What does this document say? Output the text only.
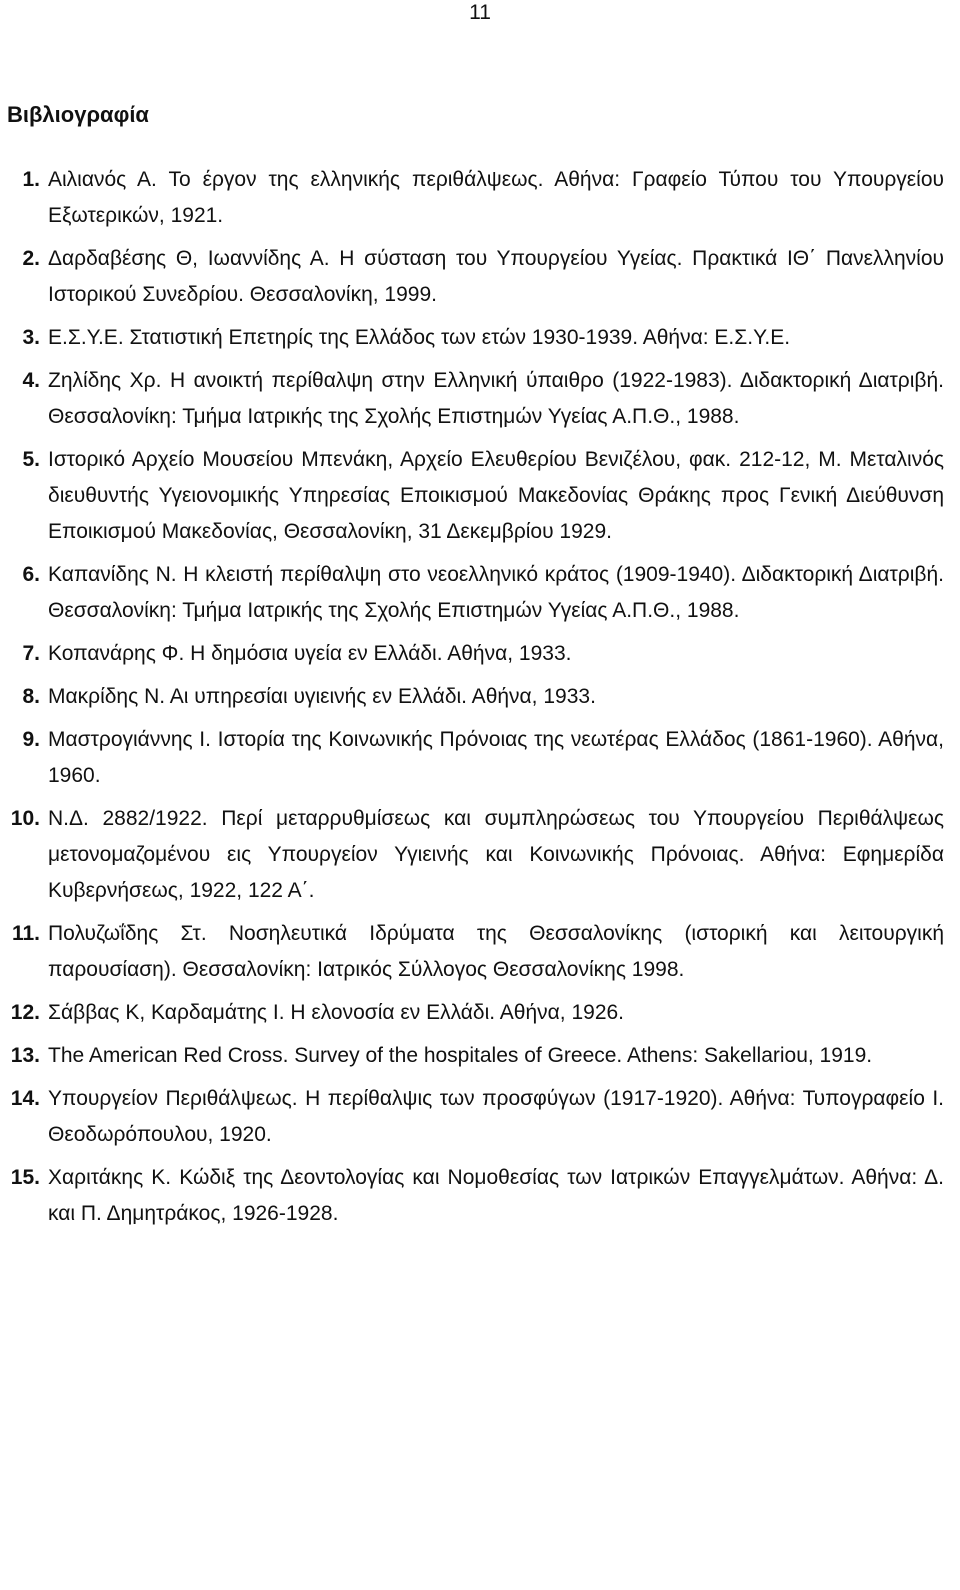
11
Βιβλιογραφία
1. Αιλιανός Α. Το έργον της ελληνικής περιθάλψεως. Αθήνα: Γραφείο Τύπου του Υπουργείου Εξωτερικών, 1921.
2. Δαρδαβέσης Θ, Ιωαννίδης Α. Η σύσταση του Υπουργείου Υγείας. Πρακτικά ΙΘ΄ Πανελληνίου Ιστορικού Συνεδρίου. Θεσσαλονίκη, 1999.
3. Ε.Σ.Υ.Ε. Στατιστική Επετηρίς της Ελλάδος των ετών 1930-1939. Αθήνα: Ε.Σ.Υ.Ε.
4. Ζηλίδης Χρ. Η ανοικτή περίθαλψη στην Ελληνική ύπαιθρο (1922-1983). Διδακτορική Διατριβή. Θεσσαλονίκη: Τμήμα Ιατρικής της Σχολής Επιστημών Υγείας Α.Π.Θ., 1988.
5. Ιστορικό Αρχείο Μουσείου Μπενάκη, Αρχείο Ελευθερίου Βενιζέλου, φακ. 212-12, Μ. Μεταλινός διευθυντής Υγειονομικής Υπηρεσίας Εποικισμού Μακεδονίας Θράκης προς Γενική Διεύθυνση Εποικισμού Μακεδονίας, Θεσσαλονίκη, 31 Δεκεμβρίου 1929.
6. Καπανίδης Ν. Η κλειστή περίθαλψη στο νεοελληνικό κράτος (1909-1940). Διδακτορική Διατριβή. Θεσσαλονίκη: Τμήμα Ιατρικής της Σχολής Επιστημών Υγείας Α.Π.Θ., 1988.
7. Κοπανάρης Φ. Η δημόσια υγεία εν Ελλάδι. Αθήνα, 1933.
8. Μακρίδης Ν. Αι υπηρεσίαι υγιεινής εν Ελλάδι. Αθήνα, 1933.
9. Μαστρογιάννης Ι. Ιστορία της Κοινωνικής Πρόνοιας της νεωτέρας Ελλάδος (1861-1960). Αθήνα, 1960.
10. Ν.Δ. 2882/1922. Περί μεταρρυθμίσεως και συμπληρώσεως του Υπουργείου Περιθάλψεως μετονομαζομένου εις Υπουργείον Υγιεινής και Κοινωνικής Πρόνοιας. Αθήνα: Εφημερίδα Κυβερνήσεως, 1922, 122 Α΄.
11. Πολυζωΐδης Στ. Νοσηλευτικά Ιδρύματα της Θεσσαλονίκης (ιστορική και λειτουργική παρουσίαση). Θεσσαλονίκη: Ιατρικός Σύλλογος Θεσσαλονίκης 1998.
12. Σάββας Κ, Καρδαμάτης Ι. Η ελονοσία εν Ελλάδι. Αθήνα, 1926.
13. The American Red Cross. Survey of the hospitales of Greece. Athens: Sakellariou, 1919.
14. Υπουργείον Περιθάλψεως. Η περίθαλψις των προσφύγων (1917-1920). Αθήνα: Τυπογραφείο Ι. Θεοδωρόπουλου, 1920.
15. Χαριτάκης Κ. Κώδιξ της Δεοντολογίας και Νομοθεσίας των Ιατρικών Επαγγελμάτων. Αθήνα: Δ. και Π. Δημητράκος, 1926-1928.
